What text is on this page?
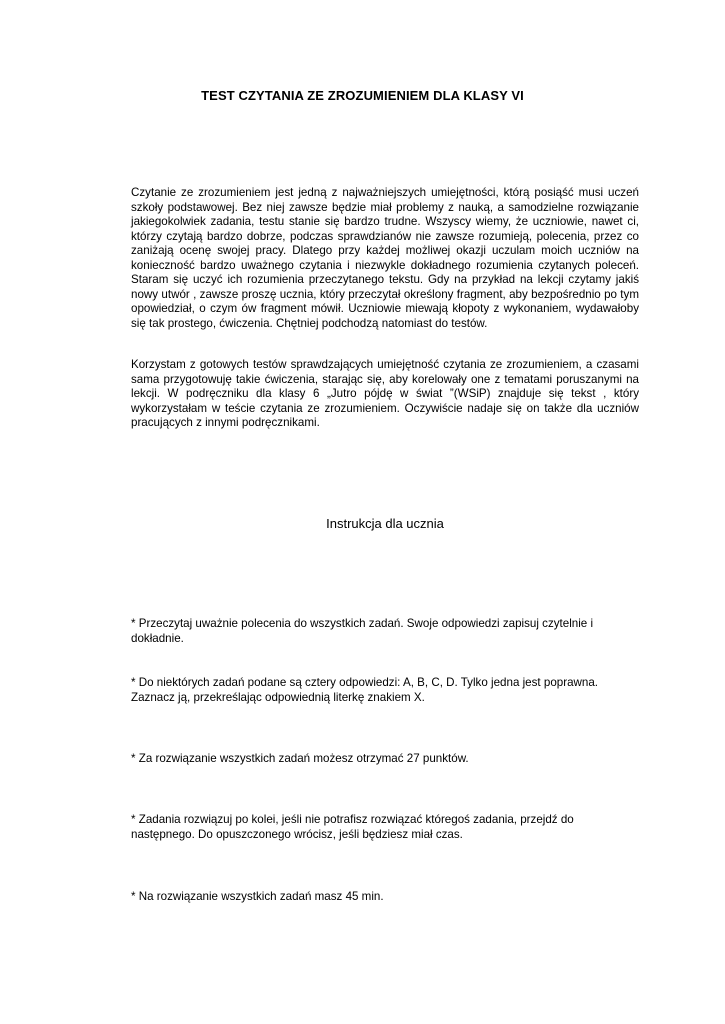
TEST CZYTANIA ZE ZROZUMIENIEM DLA KLASY VI
Czytanie ze zrozumieniem jest jedną z najważniejszych umiejętności, którą posiąść musi uczeń szkoły podstawowej. Bez niej zawsze będzie miał problemy z nauką, a samodzielne rozwiązanie jakiegokolwiek zadania, testu stanie się bardzo trudne. Wszyscy wiemy, że uczniowie, nawet ci, którzy czytają bardzo dobrze, podczas sprawdzianów nie zawsze rozumieją, polecenia, przez co zaniżają ocenę swojej pracy. Dlatego przy każdej możliwej okazji uczulam moich uczniów na konieczność bardzo uważnego czytania i niezwykle dokładnego rozumienia czytanych poleceń. Staram się uczyć ich rozumienia przeczytanego tekstu. Gdy na przykład na lekcji czytamy jakiś nowy utwór , zawsze proszę ucznia, który przeczytał określony fragment, aby bezpośrednio po tym opowiedział, o czym ów fragment mówił. Uczniowie miewają kłopoty z wykonaniem, wydawałoby się tak prostego, ćwiczenia. Chętniej podchodzą natomiast do testów.
Korzystam z gotowych testów sprawdzających umiejętność czytania ze zrozumieniem, a czasami sama przygotowuję takie ćwiczenia, starając się, aby korelowały one z tematami poruszanymi na lekcji. W podręczniku dla klasy 6 „Jutro pójdę w świat ”(WSiP) znajduje się tekst , który wykorzystałam w teście czytania ze zrozumieniem. Oczywiście nadaje się on także dla uczniów pracujących z innymi podręcznikami.
Instrukcja dla ucznia
* Przeczytaj uważnie polecenia do wszystkich zadań. Swoje odpowiedzi zapisuj czytelnie i dokładnie.
* Do niektórych zadań podane są cztery odpowiedzi: A, B, C, D. Tylko jedna jest poprawna. Zaznacz ją, przekreślając odpowiednią literkę znakiem X.
* Za rozwiązanie wszystkich zadań możesz otrzymać 27 punktów.
* Zadania rozwiązuj po kolei, jeśli nie potrafisz rozwiązać któregoś zadania, przejdź do następnego. Do opuszczonego wrócisz, jeśli będziesz miał czas.
* Na rozwiązanie wszystkich zadań masz 45 min.
